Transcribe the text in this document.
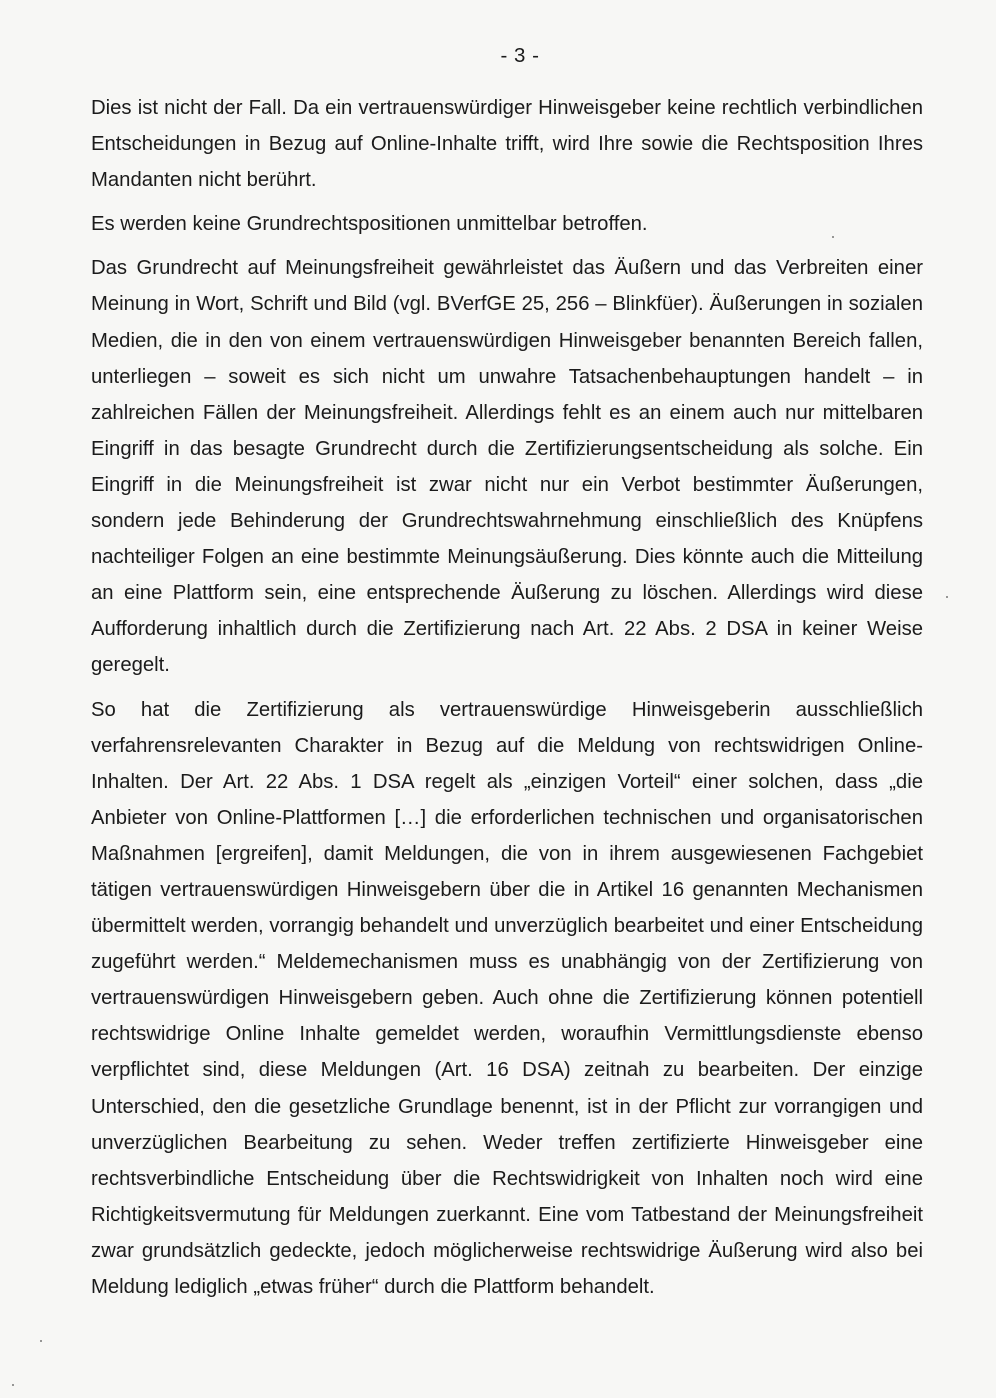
- 3 -

Dies ist nicht der Fall. Da ein vertrauenswürdiger Hinweisgeber keine rechtlich verbindlichen Entscheidungen in Bezug auf Online-Inhalte trifft, wird Ihre sowie die Rechtsposition Ihres Mandanten nicht berührt.

Es werden keine Grundrechtspositionen unmittelbar betroffen.

Das Grundrecht auf Meinungsfreiheit gewährleistet das Äußern und das Verbreiten einer Meinung in Wort, Schrift und Bild (vgl. BVerfGE 25, 256 – Blinkfüer). Äußerungen in sozialen Medien, die in den von einem vertrauenswürdigen Hinweisgeber benannten Bereich fallen, unterliegen – soweit es sich nicht um unwahre Tatsachenbehauptungen handelt – in zahlreichen Fällen der Meinungsfreiheit. Allerdings fehlt es an einem auch nur mittelbaren Eingriff in das besagte Grundrecht durch die Zertifizierungsentscheidung als solche. Ein Eingriff in die Meinungsfreiheit ist zwar nicht nur ein Verbot bestimmter Äußerungen, sondern jede Behinderung der Grundrechtswahrnehmung einschließlich des Knüpfens nachteiliger Folgen an eine bestimmte Meinungsäußerung. Dies könnte auch die Mitteilung an eine Plattform sein, eine entsprechende Äußerung zu löschen. Allerdings wird diese Aufforderung inhaltlich durch die Zertifizierung nach Art. 22 Abs. 2 DSA in keiner Weise geregelt.

So hat die Zertifizierung als vertrauenswürdige Hinweisgeberin ausschließlich verfahrensrelevanten Charakter in Bezug auf die Meldung von rechtswidrigen Online-Inhalten. Der Art. 22 Abs. 1 DSA regelt als „einzigen Vorteil“ einer solchen, dass „die Anbieter von Online-Plattformen […] die erforderlichen technischen und organisatorischen Maßnahmen [ergreifen], damit Meldungen, die von in ihrem ausgewiesenen Fachgebiet tätigen vertrauenswürdigen Hinweisgebern über die in Artikel 16 genannten Mechanismen übermittelt werden, vorrangig behandelt und unverzüglich bearbeitet und einer Entscheidung zugeführt werden.“ Meldemechanismen muss es unabhängig von der Zertifizierung von vertrauenswürdigen Hinweisgebern geben. Auch ohne die Zertifizierung können potentiell rechtswidrige Online Inhalte gemeldet werden, woraufhin Vermittlungsdienste ebenso verpflichtet sind, diese Meldungen (Art. 16 DSA) zeitnah zu bearbeiten. Der einzige Unterschied, den die gesetzliche Grundlage benennt, ist in der Pflicht zur vorrangigen und unverzüglichen Bearbeitung zu sehen. Weder treffen zertifizierte Hinweisgeber eine rechtsverbindliche Entscheidung über die Rechtswidrigkeit von Inhalten noch wird eine Richtigkeitsvermutung für Meldungen zuerkannt. Eine vom Tatbestand der Meinungsfreiheit zwar grundsätzlich gedeckte, jedoch möglicherweise rechtswidrige Äußerung wird also bei Meldung lediglich „etwas früher“ durch die Plattform behandelt.
